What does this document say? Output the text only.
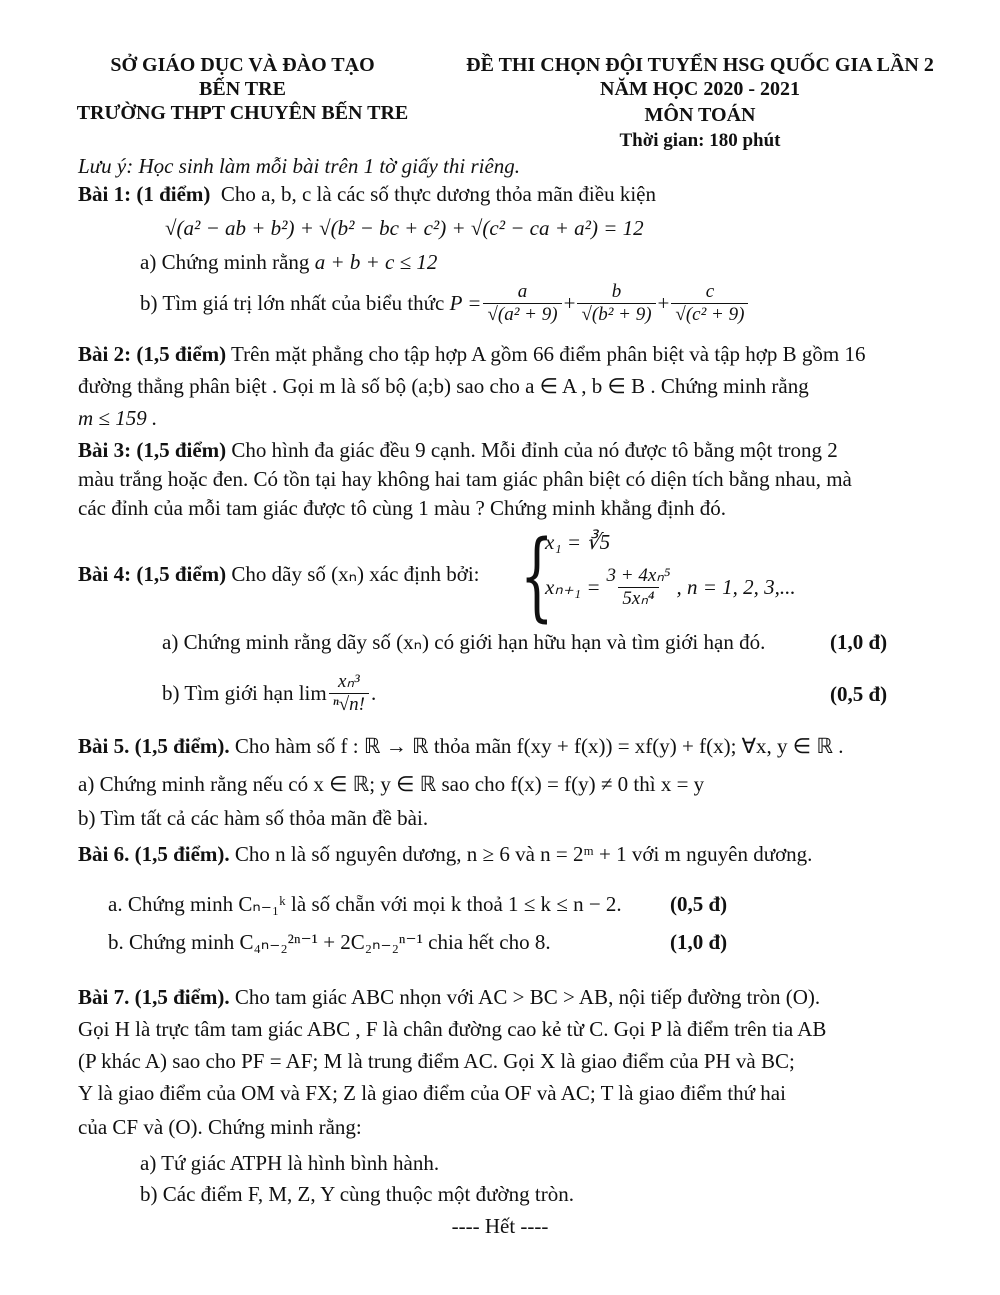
SỞ GIÁO DỤC VÀ ĐÀO TẠO
BẾN TRE
TRƯỜNG THPT CHUYÊN BẾN TRE
ĐỀ THI CHỌN ĐỘI TUYỂN HSG QUỐC GIA LẦN 2
NĂM HỌC 2020 - 2021
MÔN TOÁN
Thời gian: 180 phút
Lưu ý: Học sinh làm mỗi bài trên 1 tờ giấy thi riêng.
Bài 1: (1 điểm) Cho a, b, c là các số thực dương thỏa mãn điều kiện
√(a² − ab + b²) + √(b² − bc + c²) + √(c² − ca + a²) = 12
a) Chứng minh rằng a + b + c ≤ 12
b) Tìm giá trị lớn nhất của biểu thức
$P = \frac{a}{\text{√(a² + 9)}} + \frac{b}{\text{√(b² + 9)}} + \frac{c}{\text{√(c² + 9)}}$
Bài 2: (1,5 điểm) Trên mặt phẳng cho tập hợp A gồm 66 điểm phân biệt và tập hợp B gồm 16
đường thẳng phân biệt . Gọi m là số bộ (a;b) sao cho a ∈ A , b ∈ B . Chứng minh rằng
m ≤ 159 .
Bài 3: (1,5 điểm) Cho hình đa giác đều 9 cạnh. Mỗi đỉnh của nó được tô bằng một trong 2
màu trắng hoặc đen. Có tồn tại hay không hai tam giác phân biệt có diện tích bằng nhau, mà
các đỉnh của mỗi tam giác được tô cùng 1 màu ? Chứng minh khẳng định đó.
Bài 4: (1,5 điểm) Cho dãy số (xₙ) xác định bởi: {
x₁ = ∛5
$x_{n+1} = \frac{\text{3 + 4xₙ⁵}}{\text{5xₙ⁴}}$ , n = 1, 2, 3,...
a) Chứng minh rằng dãy số (xₙ) có giới hạn hữu hạn và tìm giới hạn đó.	(1,0 đ)
b) Tìm giới hạn $\lim \frac{\text{xₙ³}}{\text{ⁿ√n!}}$ .	(0,5 đ)
Bài 5. (1,5 điểm). Cho hàm số f : ℝ → ℝ thỏa mãn f(xy + f(x)) = xf(y) + f(x); ∀x, y ∈ ℝ .
a) Chứng minh rằng nếu có x ∈ ℝ; y ∈ ℝ sao cho f(x) = f(y) ≠ 0 thì x = y
b) Tìm tất cả các hàm số thỏa mãn đề bài.
Bài 6. (1,5 điểm). Cho n là số nguyên dương, n ≥ 6 và n = 2ᵐ + 1 với m nguyên dương.
a. Chứng minh Cₙ₋₁ᵏ là số chẵn với mọi k thoả 1 ≤ k ≤ n − 2. (0,5 đ)
b. Chứng minh C₄ₙ₋₂²ⁿ⁻¹ + 2C₂ₙ₋₂ⁿ⁻¹ chia hết cho 8.	(1,0 đ)
Bài 7. (1,5 điểm). Cho tam giác ABC nhọn với AC > BC > AB, nội tiếp đường tròn (O).
Gọi H là trực tâm tam giác ABC , F là chân đường cao kẻ từ C. Gọi P là điểm trên tia AB
(P khác A) sao cho PF = AF; M là trung điểm AC. Gọi X là giao điểm của PH và BC;
Y là giao điểm của OM và FX; Z là giao điểm của OF và AC; T là giao điểm thứ hai
của CF và (O). Chứng minh rằng:
a) Tứ giác ATPH là hình bình hành.
b) Các điểm F, M, Z, Y cùng thuộc một đường tròn.
---- Hết ----
